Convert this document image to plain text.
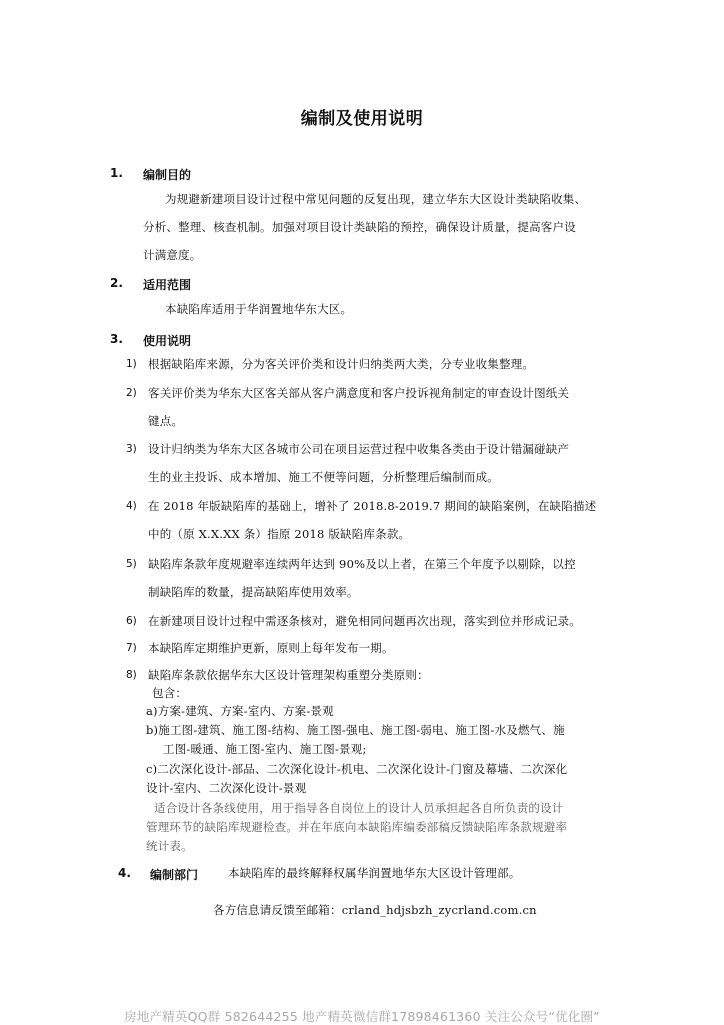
编制及使用说明
1. 编制目的
为规避新建项目设计过程中常见问题的反复出现，建立华东大区设计类缺陷收集、
分析、整理、核查机制。加强对项目设计类缺陷的预控，确保设计质量，提高客户设
计满意度。
2. 适用范围
本缺陷库适用于华润置地华东大区。
3. 使用说明
1) 根据缺陷库来源，分为客关评价类和设计归纳类两大类，分专业收集整理。
2) 客关评价类为华东大区客关部从客户满意度和客户投诉视角制定的审查设计图纸关
键点。
3) 设计归纳类为华东大区各城市公司在项目运营过程中收集各类由于设计错漏碰缺产
生的业主投诉、成本增加、施工不便等问题，分析整理后编制而成。
4) 在 2018 年版缺陷库的基础上，增补了 2018.8-2019.7 期间的缺陷案例，在缺陷描述
中的（原 X.X.XX 条）指原 2018 版缺陷库条款。
5) 缺陷库条款年度规避率连续两年达到 90%及以上者，在第三个年度予以剔除，以控
制缺陷库的数量，提高缺陷库使用效率。
6) 在新建项目设计过程中需逐条核对，避免相同问题再次出现，落实到位并形成记录。
7) 本缺陷库定期维护更新，原则上每年发布一期。
8) 缺陷库条款依据华东大区设计管理架构重塑分类原则：
包含：
a)方案-建筑、方案-室内、方案-景观
b)施工图-建筑、施工图-结构、施工图-强电、施工图-弱电、施工图-水及燃气、施
工图-暖通、施工图-室内、施工图-景观;
c)二次深化设计-部品、二次深化设计-机电、二次深化设计-门窗及幕墙、二次深化
设计-室内、二次深化设计-景观
适合设计各条线使用，用于指导各自岗位上的设计人员承担起各自所负责的设计
管理环节的缺陷库规避检查。并在年底向本缺陷库编委部稿反馈缺陷库条款规避率
统计表。
4. 编制部门	本缺陷库的最终解释权属华润置地华东大区设计管理部。
各方信息请反馈至邮箱：crland_hdjsbzh_zycrland.com.cn
房地产精英QQ群 582644255 地产精英微信群17898461360 关注公众号“优化圈”
